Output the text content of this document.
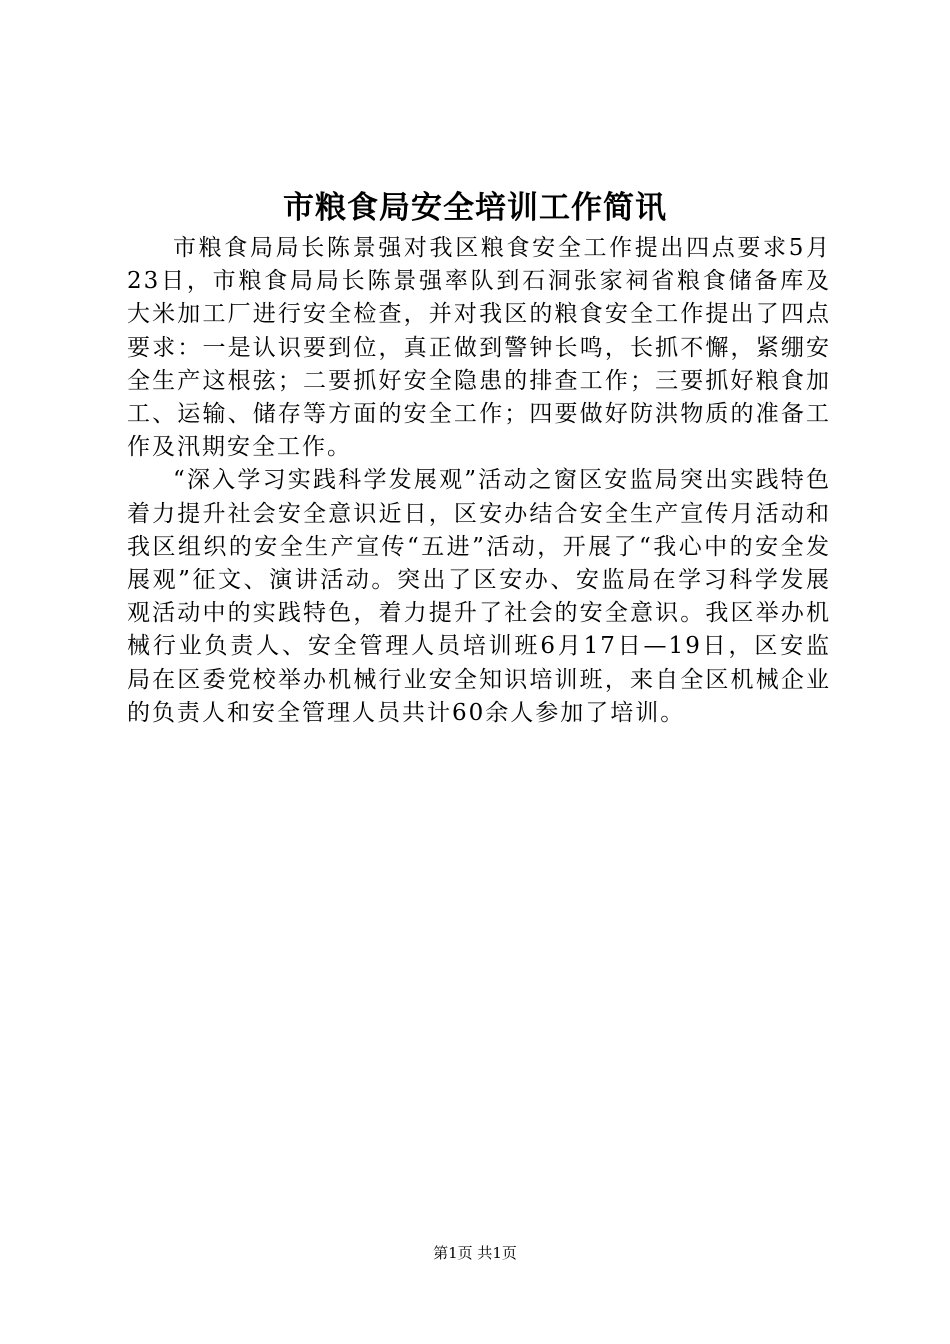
市粮食局安全培训工作简讯

市粮食局局长陈景强对我区粮食安全工作提出四点要求5月23日，市粮食局局长陈景强率队到石洞张家祠省粮食储备库及大米加工厂进行安全检查，并对我区的粮食安全工作提出了四点要求：一是认识要到位，真正做到警钟长鸣，长抓不懈，紧绷安全生产这根弦；二要抓好安全隐患的排查工作；三要抓好粮食加工、运输、储存等方面的安全工作；四要做好防洪物质的准备工作及汛期安全工作。

“深入学习实践科学发展观”活动之窗区安监局突出实践特色着力提升社会安全意识近日，区安办结合安全生产宣传月活动和我区组织的安全生产宣传“五进”活动，开展了“我心中的安全发展观”征文、演讲活动。突出了区安办、安监局在学习科学发展观活动中的实践特色，着力提升了社会的安全意识。我区举办机械行业负责人、安全管理人员培训班6月17日—19日，区安监局在区委党校举办机械行业安全知识培训班，来自全区机械企业的负责人和安全管理人员共计60余人参加了培训。

第1页 共1页
